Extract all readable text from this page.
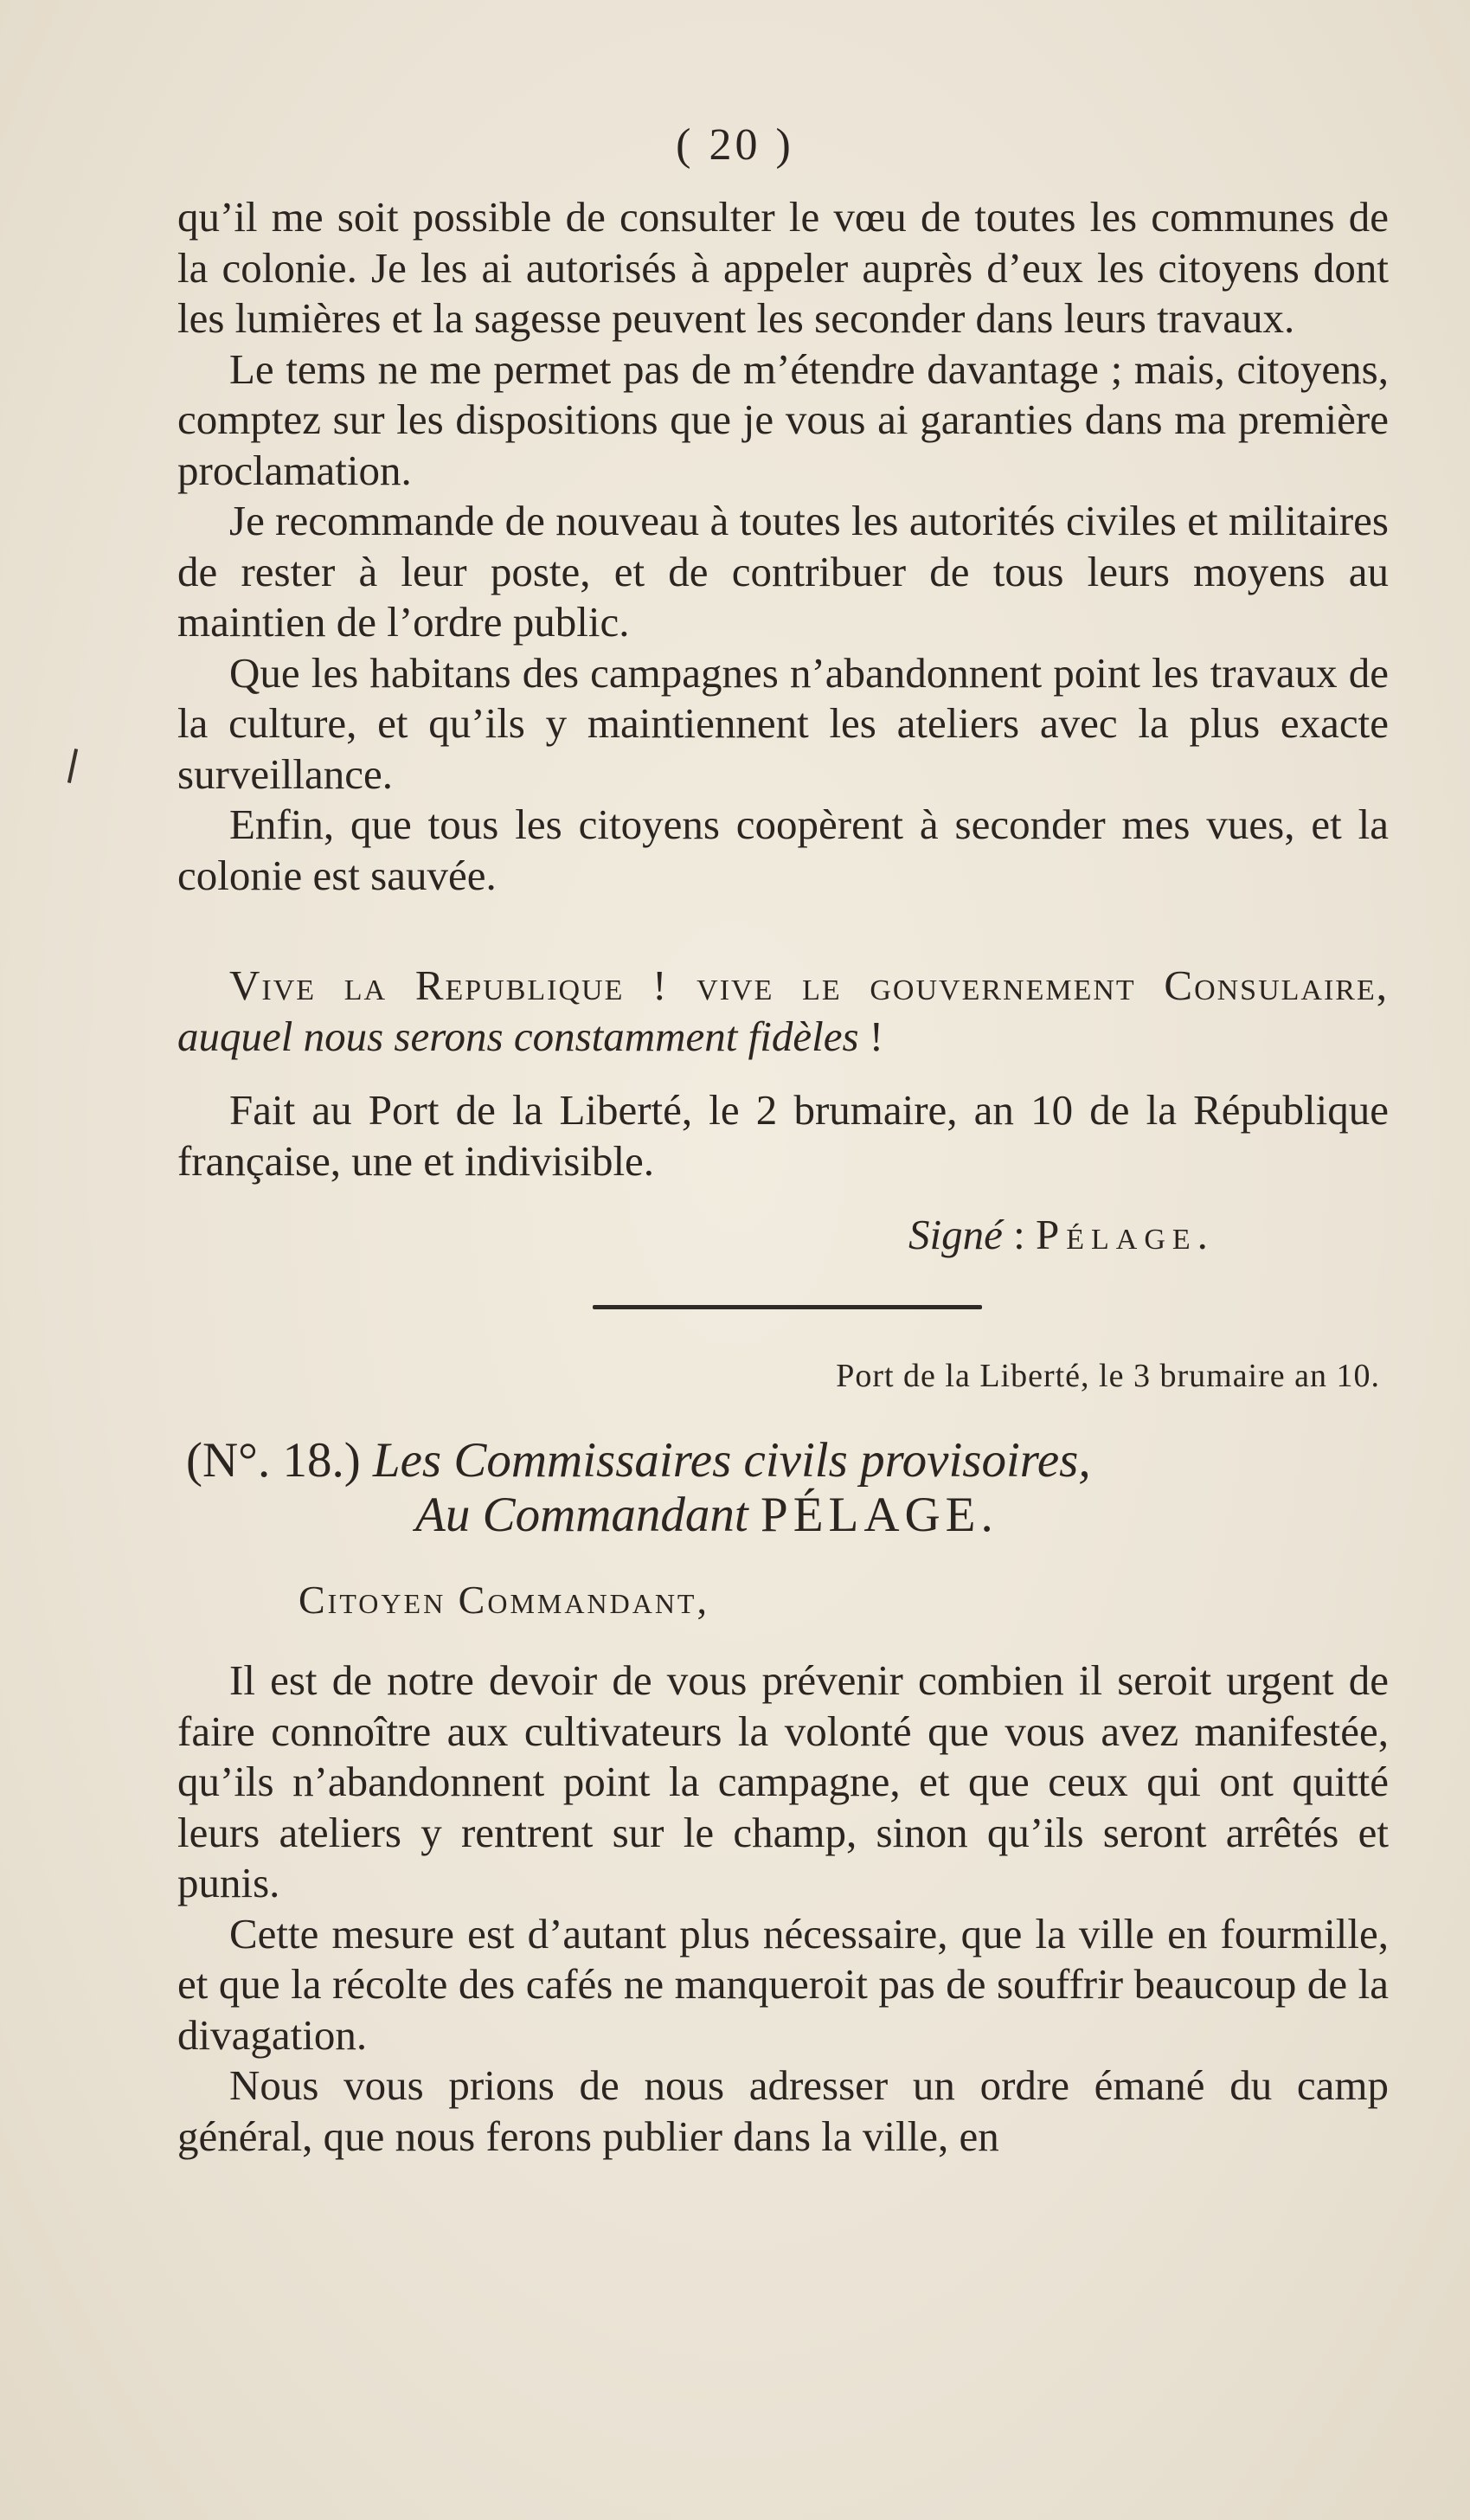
( 20 )

qu’il me soit possible de consulter le vœu de toutes les communes de la colonie. Je les ai autorisés à appeler auprès d’eux les citoyens dont les lumières et la sagesse peuvent les seconder dans leurs travaux.

Le tems ne me permet pas de m’étendre davantage ; mais, citoyens, comptez sur les dispositions que je vous ai garanties dans ma première proclamation.

Je recommande de nouveau à toutes les autorités civiles et militaires de rester à leur poste, et de contribuer de tous leurs moyens au maintien de l’ordre public.

Que les habitans des campagnes n’abandonnent point les travaux de la culture, et qu’ils y maintiennent les ateliers avec la plus exacte surveillance.

Enfin, que tous les citoyens coopèrent à seconder mes vues, et la colonie est sauvée.

Vive la Republique ! vive le gouvernement Consulaire, auquel nous serons constamment fidèles !

Fait au Port de la Liberté, le 2 brumaire, an 10 de la République française, une et indivisible.

Signé : Pélage.
Port de la Liberté, le 3 brumaire an 10.
(N°. 18.) Les Commissaires civils provisoires,
Au Commandant PÉLAGE.
Citoyen Commandant,

Il est de notre devoir de vous prévenir combien il seroit urgent de faire connoître aux cultivateurs la volonté que vous avez manifestée, qu’ils n’abandonnent point la campagne, et que ceux qui ont quitté leurs ateliers y rentrent sur le champ, sinon qu’ils seront arrêtés et punis.

Cette mesure est d’autant plus nécessaire, que la ville en fourmille, et que la récolte des cafés ne manqueroit pas de souffrir beaucoup de la divagation.

Nous vous prions de nous adresser un ordre émané du camp général, que nous ferons publier dans la ville, en
